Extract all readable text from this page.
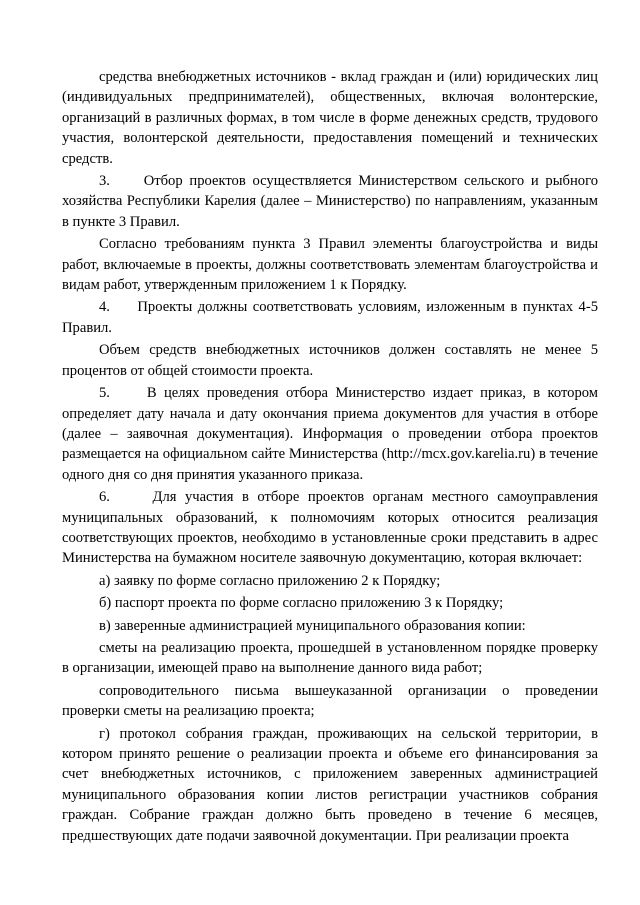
средства внебюджетных источников - вклад граждан и (или) юридических лиц (индивидуальных предпринимателей), общественных, включая волонтерские, организаций в различных формах, в том числе в форме денежных средств, трудового участия, волонтерской деятельности, предоставления помещений и технических средств.

3.     Отбор проектов осуществляется Министерством сельского и рыбного хозяйства Республики Карелия (далее – Министерство) по направлениям, указанным в пункте 3 Правил.

Согласно требованиям пункта 3 Правил элементы благоустройства и виды работ, включаемые в проекты, должны соответствовать элементам благоустройства и видам работ, утвержденным приложением 1 к Порядку.

4.     Проекты должны соответствовать условиям, изложенным в пунктах 4-5 Правил.

Объем средств внебюджетных источников должен составлять не менее 5 процентов от общей стоимости проекта.

5.     В целях проведения отбора Министерство издает приказ, в котором определяет дату начала и дату окончания приема документов для участия в отборе (далее – заявочная документация). Информация о проведении отбора проектов размещается на официальном сайте Министерства (http://mcx.gov.karelia.ru) в течение одного дня со дня принятия указанного приказа.

6.     Для участия в отборе проектов органам местного самоуправления муниципальных образований, к полномочиям которых относится реализация соответствующих проектов, необходимо в установленные сроки представить в адрес Министерства на бумажном носителе заявочную документацию, которая включает:

а) заявку по форме согласно приложению 2 к Порядку;

б) паспорт проекта по форме согласно приложению 3 к Порядку;

в) заверенные администрацией муниципального образования копии:

сметы на реализацию проекта, прошедшей в установленном порядке проверку в организации, имеющей право на выполнение данного вида работ;

сопроводительного письма вышеуказанной организации о проведении проверки сметы на реализацию проекта;

г) протокол собрания граждан, проживающих на сельской территории, в котором принято решение о реализации проекта и объеме его финансирования за счет внебюджетных источников, с приложением заверенных администрацией муниципального образования копии листов регистрации участников собрания граждан. Собрание граждан должно быть проведено в течение 6 месяцев, предшествующих дате подачи заявочной документации. При реализации проекта
